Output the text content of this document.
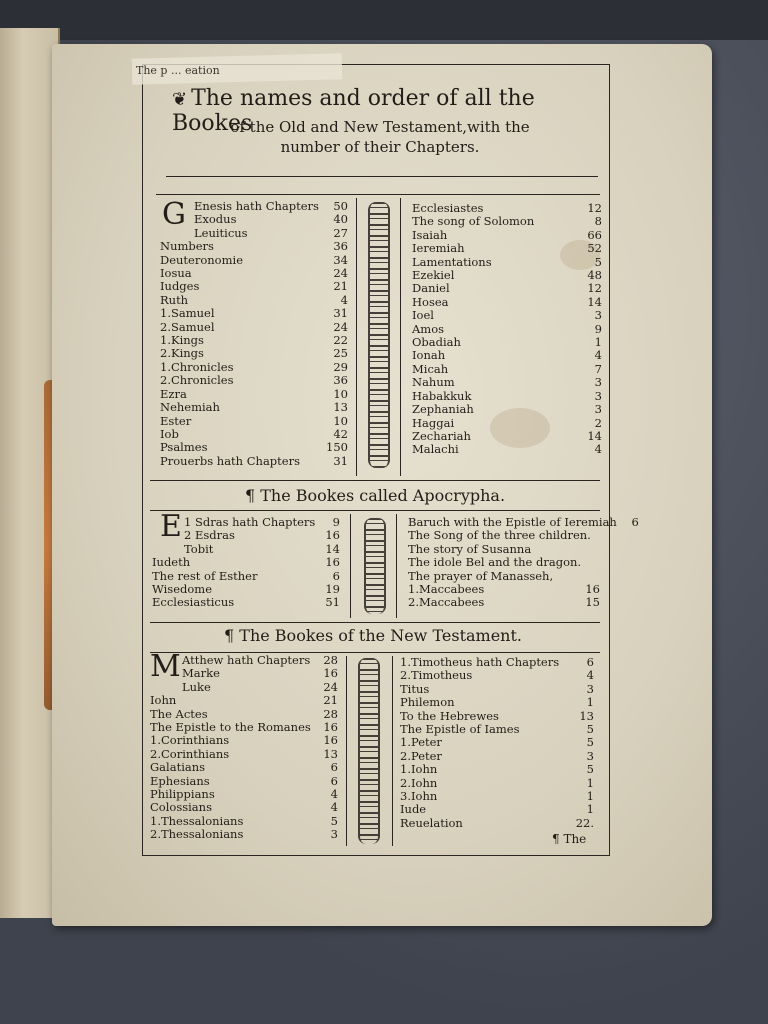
The p ... eation
❦ The names and order of all the Bookes
of the Old and New Testament,with the
number of their Chapters.
G Enesis hath Chapters	50
Exodus	40
Leuiticus	27
Numbers	36
Deuteronomie	34
Iosua	24
Iudges	21
Ruth	4
1.Samuel	31
2.Samuel	24
1.Kings	22
2.Kings	25
1.Chronicles	29
2.Chronicles	36
Ezra	10
Nehemiah	13
Ester	10
Iob	42
Psalmes	150
Prouerbs hath Chapters	31
Ecclesiastes	12
The song of Solomon	8
Isaiah	66
Ieremiah	52
Lamentations	5
Ezekiel	48
Daniel	12
Hosea	14
Ioel	3
Amos	9
Obadiah	1
Ionah	4
Micah	7
Nahum	3
Habakkuk	3
Zephaniah	3
Haggai	2
Zechariah	14
Malachi	4
¶ The Bookes called Apocrypha.
E 1 Sdras hath Chapters	9
2 Esdras	16
Tobit	14
Iudeth	16
The rest of Esther	6
Wisedome	19
Ecclesiasticus	51
Baruch with the Epistle of Ieremiah	6
The Song of the three children.
The story of Susanna
The idole Bel and the dragon.
The prayer of Manasseh,
1.Maccabees	16
2.Maccabees	15
¶ The Bookes of the New Testament.
M Atthew hath Chapters	28
Marke	16
Luke	24
Iohn	21
The Actes	28
The Epistle to the Romanes	16
1.Corinthians	16
2.Corinthians	13
Galatians	6
Ephesians	6
Philippians	4
Colossians	4
1.Thessalonians	5
2.Thessalonians	3
1.Timotheus hath Chapters	6
2.Timotheus	4
Titus	3
Philemon	1
To the Hebrewes	13
The Epistle of Iames	5
1.Peter	5
2.Peter	3
1.Iohn	5
2.Iohn	1
3.Iohn	1
Iude	1
Reuelation	22.
¶ The
